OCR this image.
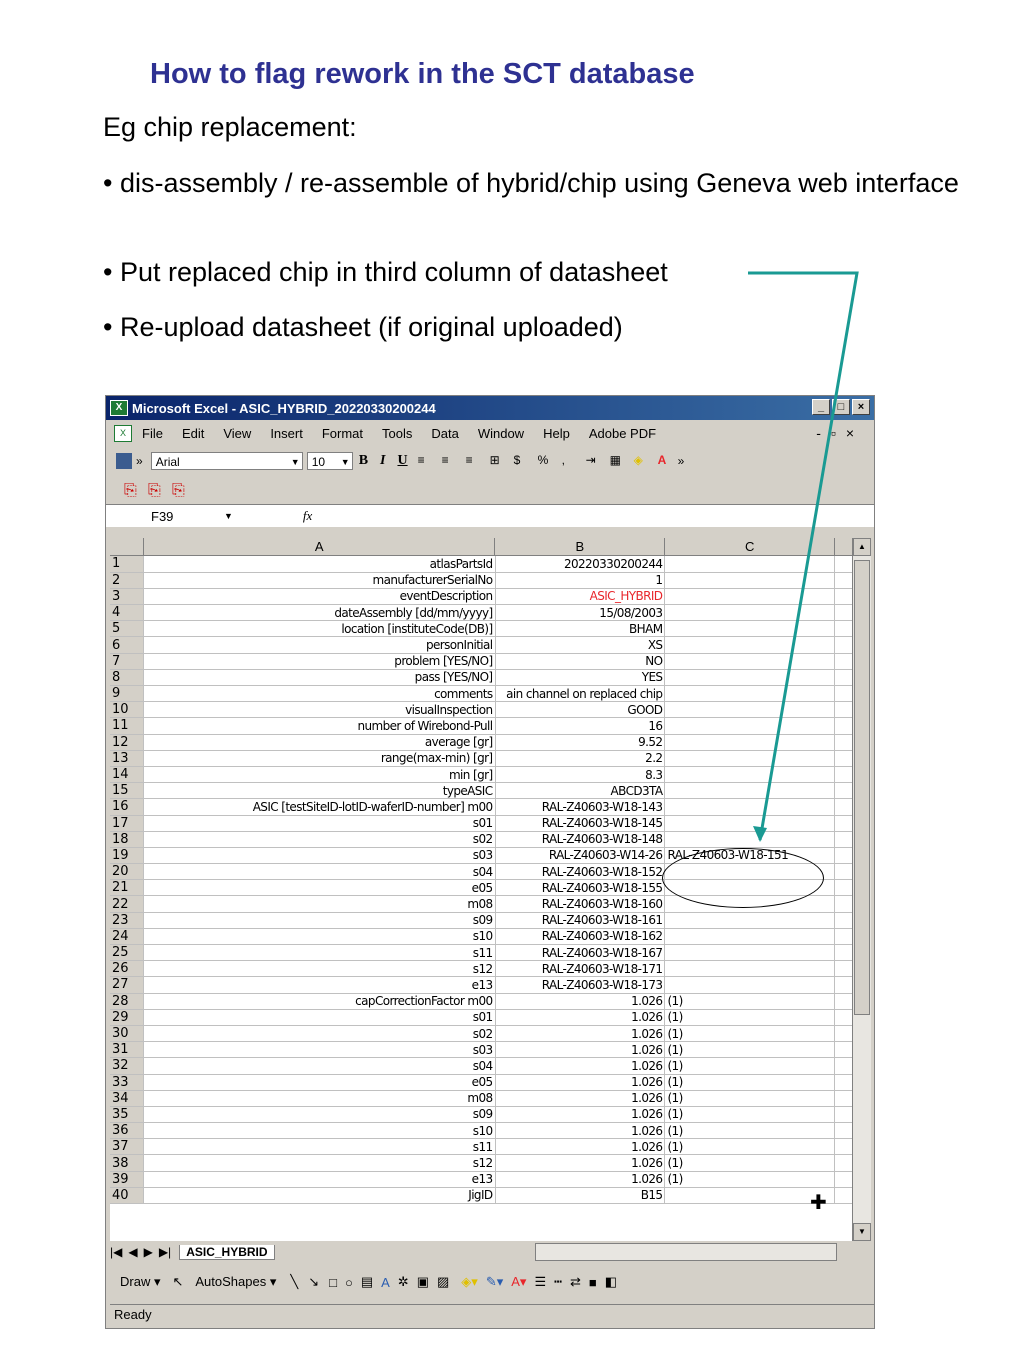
How to flag rework in the SCT database
Eg chip replacement:
• dis-assembly / re-assemble of hybrid/chip using Geneva web interface
• Put replaced chip in third column of datasheet
• Re-upload datasheet (if original uploaded)
X Microsoft Excel - ASIC_HYBRID_20220330200244	_	□	×
X	File Edit View Insert Format Tools Data Window Help Adobe PDF	-▫×
»	Arial	▼	10 ▼ B I U ≡	≡	≡	⊞	$	%	,	⇥	▦	◈	A »
⎘ ⎘ ⎘
F39	▼	fx
A	B	C
1	atlasPartsId	20220330200244		
2	manufacturerSerialNo	1		
3	eventDescription	ASIC_HYBRID		
4	dateAssembly [dd/mm/yyyy]	15/08/2003		
5	location [instituteCode(DB)]	BHAM		
6	personInitial	XS		
7	problem [YES/NO]	NO		
8	pass [YES/NO]	YES		
9	comments	ain channel on replaced chip		
10	visualInspection	GOOD		
11	number of Wirebond-Pull	16		
12	average [gr]	9.52		
13	range(max-min) [gr]	2.2		
14	min [gr]	8.3		
15	typeASIC	ABCD3TA		
16	ASIC [testSiteID-lotID-waferID-number] m00	RAL-Z40603-W18-143		
17	s01	RAL-Z40603-W18-145		
18	s02	RAL-Z40603-W18-148		
19	s03	RAL-Z40603-W14-26	RAL-Z40603-W18-151	
20	s04	RAL-Z40603-W18-152		
21	e05	RAL-Z40603-W18-155		
22	m08	RAL-Z40603-W18-160		
23	s09	RAL-Z40603-W18-161		
24	s10	RAL-Z40603-W18-162		
25	s11	RAL-Z40603-W18-167		
26	s12	RAL-Z40603-W18-171		
27	e13	RAL-Z40603-W18-173		
28	capCorrectionFactor m00	1.026	(1)	
29	s01	1.026	(1)	
30	s02	1.026	(1)	
31	s03	1.026	(1)	
32	s04	1.026	(1)	
33	e05	1.026	(1)	
34	m08	1.026	(1)	
35	s09	1.026	(1)	
36	s10	1.026	(1)	
37	s11	1.026	(1)	
38	s12	1.026	(1)	
39	e13	1.026	(1)	
40	JigID	B15		
▲
▼
|◀ ◀ ▶ ▶|	ASIC_HYBRID
Draw ▾ ↖ AutoShapes ▾ ╲ ↘ □ ○ ▤ A ✲ ▣ ▨ ◈▾ ✎▾ A▾ ☰ ┅ ⇄ ■ ◧
Ready
✚
